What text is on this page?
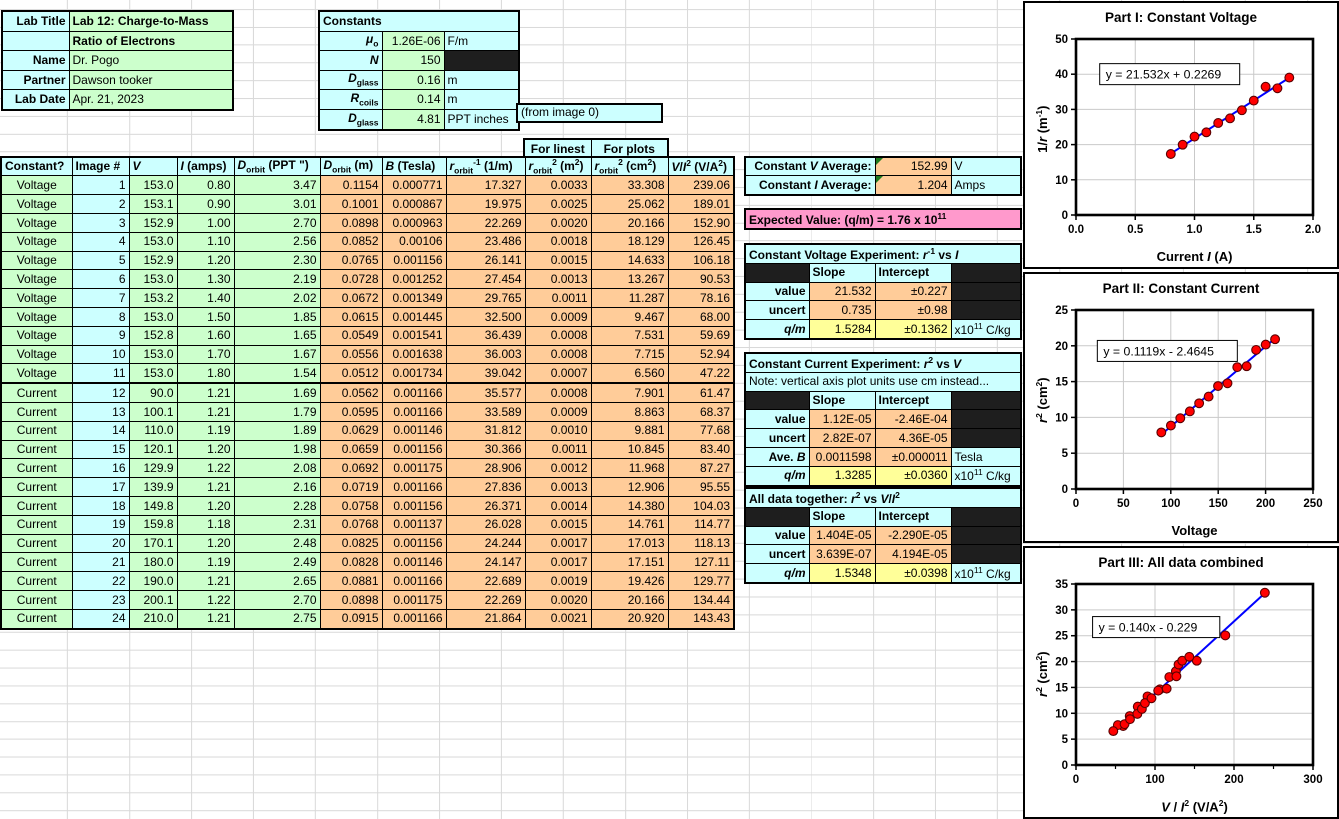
Lab Title	Lab 12: Charge-to-Mass
	Ratio of Electrons
Name	Dr. Pogo
Partner	Dawson tooker
Lab Date	Apr. 21, 2023
Constants		
$\mu_o$	1.26E-06	F/m
N	150	
$D_{glass}$	0.16	m
$R_{coils}$	0.14	m
$D_{glass}$	4.81	PPT inches	(from image 0)
For linest	For plots
Constant?	Image #	V	I (amps)	$D_{orbit}$ (PPT ")	$D_{orbit}$ (m)	B (Tesla)	$r_{orbit}^{-1}$ (1/m)	$r_{orbit}^2$ $(m^2)$	$r_{orbit}^2$ $(cm^2)$	$V/I^2$ $(V/A^2)$
Voltage	1	153.0	0.80	3.47	0.1154	0.000771	17.327	0.0033	33.308	239.06
Voltage	2	153.1	0.90	3.01	0.1001	0.000867	19.975	0.0025	25.062	189.01
Voltage	3	152.9	1.00	2.70	0.0898	0.000963	22.269	0.0020	20.166	152.90
Voltage	4	153.0	1.10	2.56	0.0852	0.00106	23.486	0.0018	18.129	126.45
Voltage	5	152.9	1.20	2.30	0.0765	0.001156	26.141	0.0015	14.633	106.18
Voltage	6	153.0	1.30	2.19	0.0728	0.001252	27.454	0.0013	13.267	90.53
Voltage	7	153.2	1.40	2.02	0.0672	0.001349	29.765	0.0011	11.287	78.16
Voltage	8	153.0	1.50	1.85	0.0615	0.001445	32.500	0.0009	9.467	68.00
Voltage	9	152.8	1.60	1.65	0.0549	0.001541	36.439	0.0008	7.531	59.69
Voltage	10	153.0	1.70	1.67	0.0556	0.001638	36.003	0.0008	7.715	52.94
Voltage	11	153.0	1.80	1.54	0.0512	0.001734	39.042	0.0007	6.560	47.22
Current	12	90.0	1.21	1.69	0.0562	0.001166	35.577	0.0008	7.901	61.47
Current	13	100.1	1.21	1.79	0.0595	0.001166	33.589	0.0009	8.863	68.37
Current	14	110.0	1.19	1.89	0.0629	0.001146	31.812	0.0010	9.881	77.68
Current	15	120.1	1.20	1.98	0.0659	0.001156	30.366	0.0011	10.845	83.40
Current	16	129.9	1.22	2.08	0.0692	0.001175	28.906	0.0012	11.968	87.27
Current	17	139.9	1.21	2.16	0.0719	0.001166	27.836	0.0013	12.906	95.55
Current	18	149.8	1.20	2.28	0.0758	0.001156	26.371	0.0014	14.380	104.03
Current	19	159.8	1.18	2.31	0.0768	0.001137	26.028	0.0015	14.761	114.77
Current	20	170.1	1.20	2.48	0.0825	0.001156	24.244	0.0017	17.013	118.13
Current	21	180.0	1.19	2.49	0.0828	0.001146	24.147	0.0017	17.151	127.11
Current	22	190.0	1.21	2.65	0.0881	0.001166	22.689	0.0019	19.426	129.77
Current	23	200.1	1.22	2.70	0.0898	0.001175	22.269	0.0020	20.166	134.44
Current	24	210.0	1.21	2.75	0.0915	0.001166	21.864	0.0021	20.920	143.43
Constant V Average:	152.99	V
Constant I Average:	1.204	Amps
Expected Value: (q/m) = 1.76 x $10^{11}$
Constant Voltage Experiment: $r^{-1}$ vs I			
	Slope	Intercept	
value	21.532	±0.227	
uncert	0.735	±0.98	
q/m	1.5284	±0.1362	$x10^{11}$ C/kg
Constant Current Experiment: $r^2$ vs V			
Note: vertical axis plot units use cm instead...			
	Slope	Intercept	
value	1.12E-05	-2.46E-04	
uncert	2.82E-07	4.36E-05	
Ave. B	0.0011598	±0.000011	Tesla
q/m	1.3285	±0.0360	$x10^{11}$ C/kg
All data together: $r^2$ vs $V/I^2$
	Slope	Intercept	
value	1.404E-05	-2.290E-05	
uncert	3.639E-07	4.194E-05	
q/m	1.5348	±0.0398	$x10^{11}$ C/kg
Part I: Constant Voltage
1/r $(m^{-1})$
Current I (A)
0.0	0.5	1.0	1.5	2.0
0
10
20
30
40
50
y = 21.532x + 0.2269
Part II: Constant Current
$r^2$ $(cm^2)$
Voltage
0	50	100 150 200 250
0
5
10
15
20
25
y = 0.1119x - 2.4645
Part III: All data combined
$r^2$ $(cm^2)$
V / $I^2$ $(V/A^2)$
0	100	200	300
0
5
10
15
20
25
30
35
y = 0.140x - 0.229
